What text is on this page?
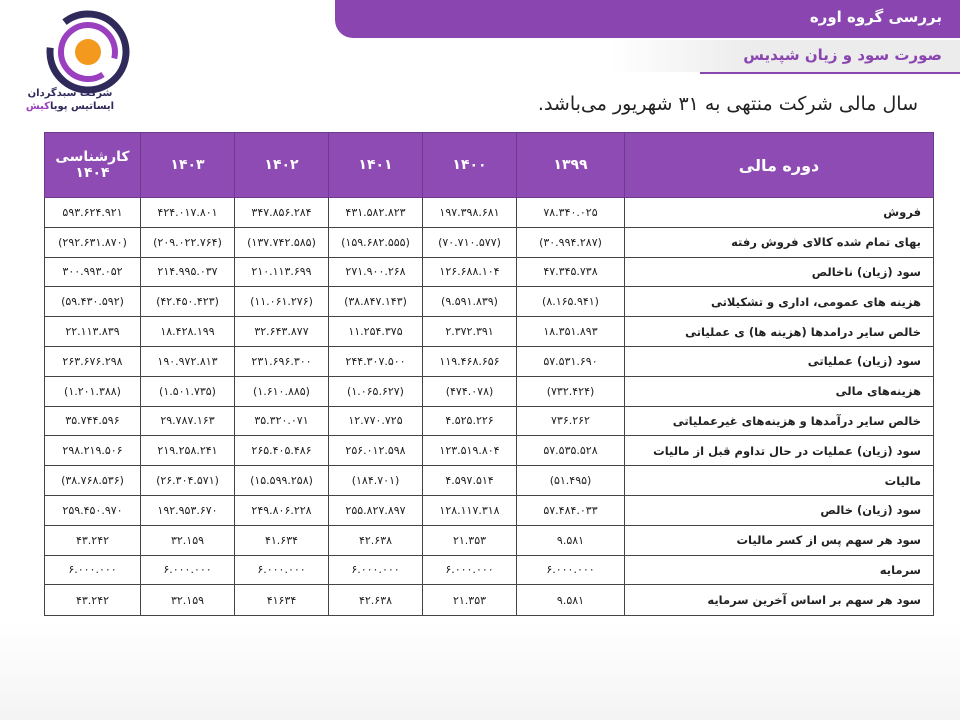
بررسی گروه اوره
صورت سود و زیان شپدیس
شرکت سبدگردان
ایساتیس پویاکیش	سال مالی شرکت منتهی به ۳۱ شهریور می‌باشد.
کارشناسی ۱۴۰۴	۱۴۰۳	۱۴۰۲	۱۴۰۱	۱۴۰۰	۱۳۹۹	دوره مالی
۵۹۳.۶۲۴.۹۲۱	۴۲۴.۰۱۷.۸۰۱	۳۴۷.۸۵۶.۲۸۴	۴۳۱.۵۸۲.۸۲۳	۱۹۷.۳۹۸.۶۸۱	۷۸.۳۴۰.۰۲۵	فروش
(۲۹۲.۶۳۱.۸۷۰)	(۲۰۹.۰۲۲.۷۶۴)	(۱۳۷.۷۴۲.۵۸۵)	(۱۵۹.۶۸۲.۵۵۵)	(۷۰.۷۱۰.۵۷۷)	(۳۰.۹۹۴.۲۸۷)	بهای تمام شده کالای فروش رفته
۳۰۰.۹۹۳.۰۵۲	۲۱۴.۹۹۵.۰۳۷	۲۱۰.۱۱۳.۶۹۹	۲۷۱.۹۰۰.۲۶۸	۱۲۶.۶۸۸.۱۰۴	۴۷.۳۴۵.۷۳۸	سود (زیان) ناخالص
(۵۹.۴۳۰.۵۹۲)	(۴۲.۴۵۰.۴۲۳)	(۱۱.۰۶۱.۲۷۶)	(۳۸.۸۴۷.۱۴۳)	(۹.۵۹۱.۸۳۹)	(۸.۱۶۵.۹۴۱)	هزینه های عمومی، اداری و تشکیلاتی
۲۲.۱۱۳.۸۳۹	۱۸.۴۲۸.۱۹۹	۳۲.۶۴۳.۸۷۷	۱۱.۲۵۴.۳۷۵	۲.۳۷۲.۳۹۱	۱۸.۳۵۱.۸۹۳	خالص سایر درامدها (هزینه ها) ی عملیاتی
۲۶۳.۶۷۶.۲۹۸	۱۹۰.۹۷۲.۸۱۳	۲۳۱.۶۹۶.۳۰۰	۲۴۴.۳۰۷.۵۰۰	۱۱۹.۴۶۸.۶۵۶	۵۷.۵۳۱.۶۹۰	سود (زیان) عملیاتی
(۱.۲۰۱.۳۸۸)	(۱.۵۰۱.۷۳۵)	(۱.۶۱۰.۸۸۵)	(۱.۰۶۵.۶۲۷)	(۴۷۴.۰۷۸)	(۷۳۲.۴۲۴)	هزینه‌های مالی
۳۵.۷۴۴.۵۹۶	۲۹.۷۸۷.۱۶۳	۳۵.۳۲۰.۰۷۱	۱۲.۷۷۰.۷۲۵	۴.۵۲۵.۲۲۶	۷۳۶.۲۶۲	خالص سایر درآمدها و هزینه‌های غیرعملیاتی
۲۹۸.۲۱۹.۵۰۶	۲۱۹.۲۵۸.۲۴۱	۲۶۵.۴۰۵.۴۸۶	۲۵۶.۰۱۲.۵۹۸	۱۲۳.۵۱۹.۸۰۴	۵۷.۵۳۵.۵۲۸	سود (زیان) عملیات در حال تداوم قبل از مالیات
(۳۸.۷۶۸.۵۳۶)	(۲۶.۳۰۴.۵۷۱)	(۱۵.۵۹۹.۲۵۸)	(۱۸۴.۷۰۱)	۴.۵۹۷.۵۱۴	(۵۱.۴۹۵)	مالیات
۲۵۹.۴۵۰.۹۷۰	۱۹۲.۹۵۳.۶۷۰	۲۴۹.۸۰۶.۲۲۸	۲۵۵.۸۲۷.۸۹۷	۱۲۸.۱۱۷.۳۱۸	۵۷.۴۸۴.۰۳۳	سود (زیان) خالص
۴۳.۲۴۲	۳۲.۱۵۹	۴۱.۶۳۴	۴۲.۶۳۸	۲۱.۳۵۳	۹.۵۸۱	سود هر سهم پس از کسر مالیات
۶.۰۰۰.۰۰۰	۶.۰۰۰.۰۰۰	۶.۰۰۰.۰۰۰	۶.۰۰۰.۰۰۰	۶.۰۰۰.۰۰۰	۶.۰۰۰.۰۰۰	سرمایه
۴۳.۲۴۲	۳۲.۱۵۹	۴۱۶۳۴	۴۲.۶۳۸	۲۱.۳۵۳	۹.۵۸۱	سود هر سهم بر اساس آخرین سرمایه
